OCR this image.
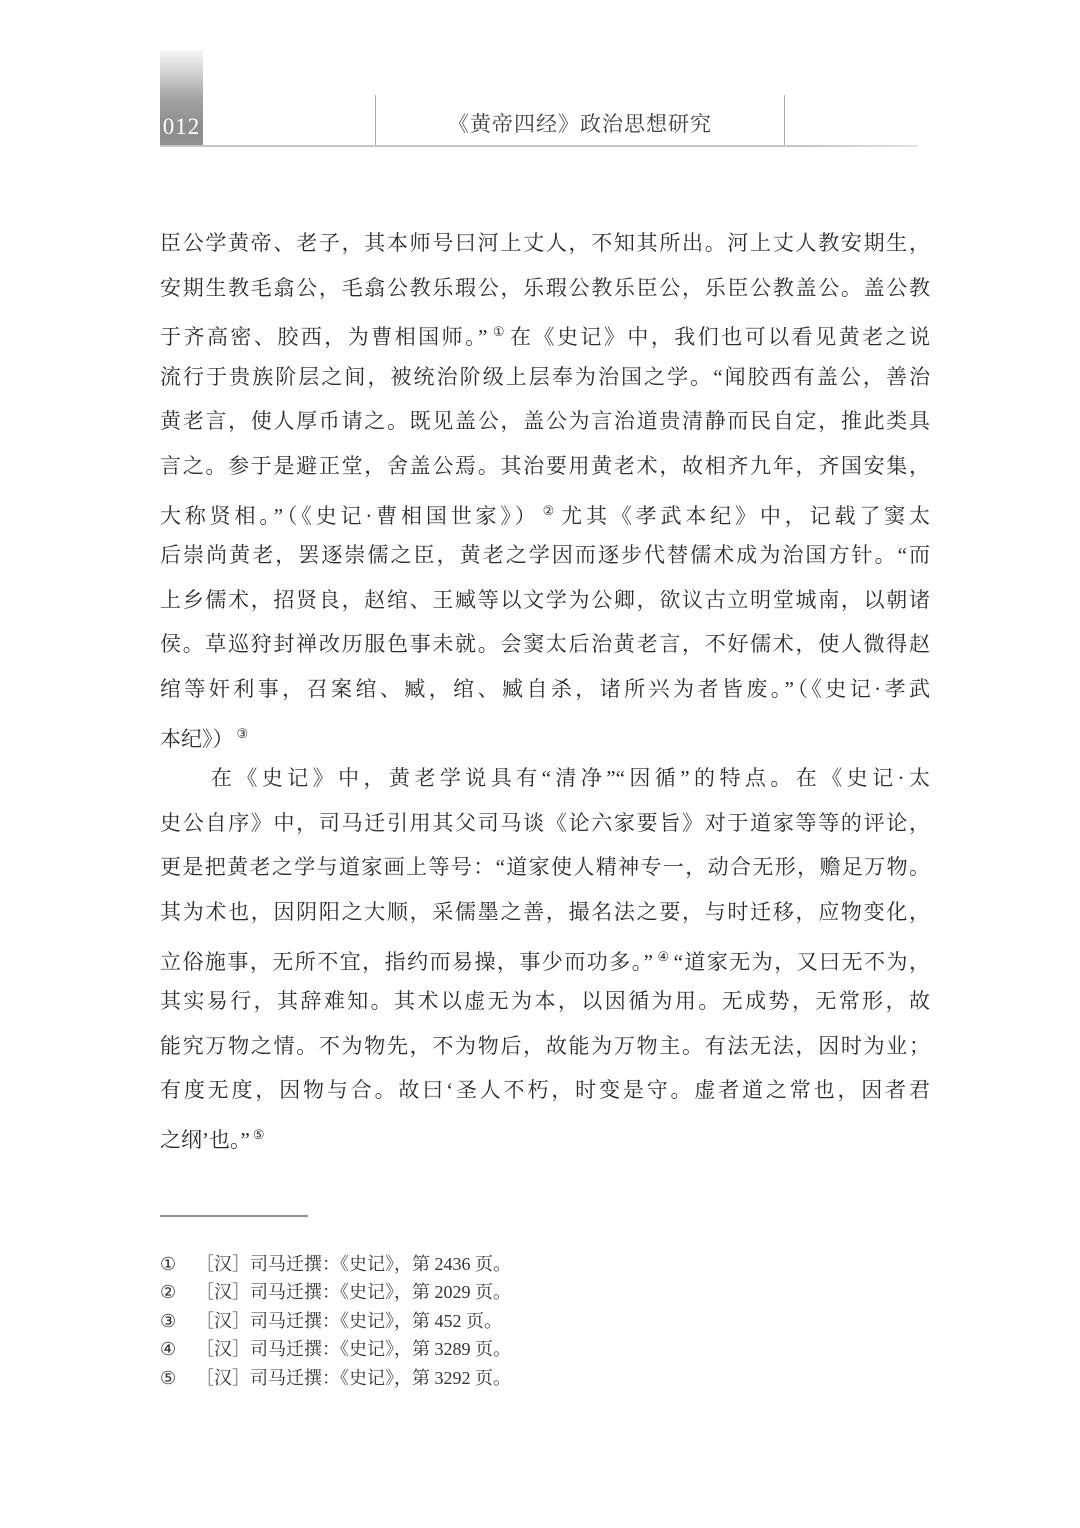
012	《黄帝四经》政治思想研究
臣公学黄帝、老子，其本师号曰河上丈人，不知其所出。河上丈人教安期生，
安期生教毛翕公，毛翕公教乐瑕公，乐瑕公教乐臣公，乐臣公教盖公。盖公教
于齐高密、胶西，为曹相国师。” ① 在《史记》中，我们也可以看见黄老之说
流行于贵族阶层之间，被统治阶级上层奉为治国之学。“闻胶西有盖公，善治
黄老言，使人厚币请之。既见盖公，盖公为言治道贵清静而民自定，推此类具
言之。参于是避正堂，舍盖公焉。其治要用黄老术，故相齐九年，齐国安集，
大称贤相。”（《史记·曹相国世家》） ② 尤其《孝武本纪》中，记载了窦太
后崇尚黄老，罢逐崇儒之臣，黄老之学因而逐步代替儒术成为治国方针。“而
上乡儒术，招贤良，赵绾、王臧等以文学为公卿，欲议古立明堂城南，以朝诸
侯。草巡狩封禅改历服色事未就。会窦太后治黄老言，不好儒术，使人微得赵
绾等奸利事，召案绾、臧，绾、臧自杀，诸所兴为者皆废。”（《史记·孝武
本纪》） ③
　　在《史记》中，黄老学说具有“清净”“因循”的特点。在《史记·太
史公自序》中，司马迁引用其父司马谈《论六家要旨》对于道家等等的评论，
更是把黄老之学与道家画上等号：“道家使人精神专一，动合无形，赡足万物。
其为术也，因阴阳之大顺，采儒墨之善，撮名法之要，与时迁移，应物变化，
立俗施事，无所不宜，指约而易操，事少而功多。” ④ “道家无为，又曰无不为，
其实易行，其辞难知。其术以虚无为本，以因循为用。无成势，无常形，故
能究万物之情。不为物先，不为物后，故能为万物主。有法无法，因时为业；
有度无度，因物与合。故曰‘圣人不朽，时变是守。虚者道之常也，因者君
之纲’也。” ⑤
①	［汉］司马迁撰：《史记》，第 2436 页。
②	［汉］司马迁撰：《史记》，第 2029 页。
③	［汉］司马迁撰：《史记》，第 452 页。
④	［汉］司马迁撰：《史记》，第 3289 页。
⑤	［汉］司马迁撰：《史记》，第 3292 页。
